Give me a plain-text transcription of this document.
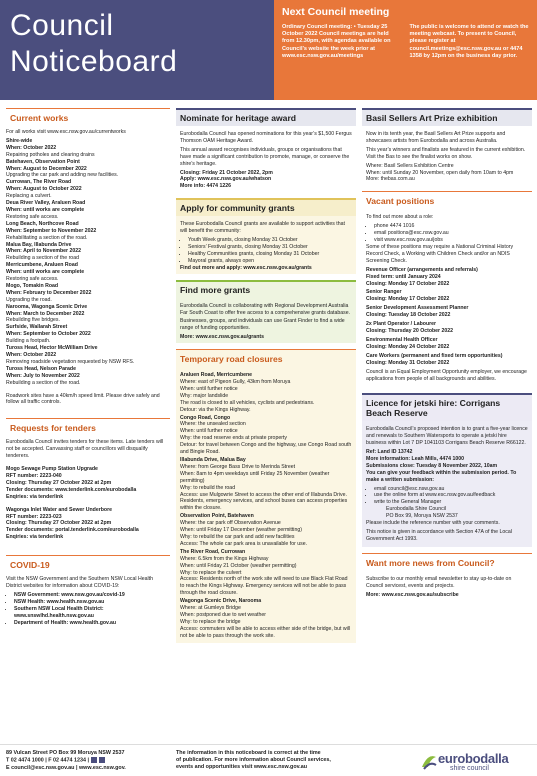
Council
Noticeboard
Next Council meeting
Ordinary Council meeting: • Tuesday 25 October 2022 Council meetings are held from 12.30pm, with agendas available on Council’s website the week prior at www.esc.nsw.gov.au/meetings
The public is welcome to attend or watch the meeting webcast. To present to Council, please register at council.meetings@esc.nsw.gov.au or 4474 1358 by 12pm on the business day prior.
Current works

For all works visit www.esc.nsw.gov.au/currentworks

Shire-wide
When: October 2022
Repairing potholes and clearing drains
Batehaven, Observation Point
When: August to December 2022
Upgrading the car park and adding new facilities.
Currowan, The River Road
When: August to October 2022
Replacing a culvert.
Deua River Valley, Araluen Road
When: until works are complete
Restoring safe access.
Long Beach, Northcove Road
When: September to November 2022
Rehabilitating a section of the road.
Malua Bay, Illabunda Drive
When: April to November 2022
Rebuilding a section of the road
Merricumbene, Araluen Road
When: until works are complete
Restoring safe access.
Mogo, Tomakin Road
When: February to December 2022
Upgrading the road.
Narooma, Wagonga Scenic Drive
When: March to December 2022
Rebuilding five bridges.
Surfside, Wallarah Street
When: September to October 2022
Building a footpath.
Tuross Head, Hector McWilliam Drive
When: October 2022
Removing roadside vegetation requested by NSW RFS.
Tuross Head, Nelson Parade
When: July to November 2022
Rebuilding a section of the road.

Roadwork sites have a 40km/h speed limit. Please drive safely and follow all traffic controls.

Requests for tenders

Eurobodalla Council invites tenders for these items. Late tenders will not be accepted. Canvassing staff or councillors will disqualify tenderers.

Mogo Sewage Pump Station Upgrade
RFT number: 2223-040
Closing: Thursday 27 October 2022 at 2pm
Tender documents: www.tenderlink.com/eurobodalla
Enqiries: via tenderlink
Wagonga Inlet Water and Sewer Underbore
RFT number: 2223-023
Closing: Thursday 27 October 2022 at 2pm
Tender documents: portal.tenderlink.com/eurobodalla
Enqiries: via tenderlink
COVID-19

Visit the NSW Government and the Southern NSW Local Health District websites for information about COVID-19:

• NSW Government: www.nsw.gov.au/covid-19
• NSW Health: www.health.nsw.gov.au
• Southern NSW Local Health District: www.snswlhd.health.nsw.gov.au
• Department of Health: www.health.gov.au
Nominate for heritage award

Eurobodalla Council has opened nominations for this year’s $1,500 Fergus Thomson OAM Heritage Award.

This annual award recognises individuals, groups or organisations that have made a significant contribution to promote, manage, or conserve the shire’s heritage.

Closing: Friday 21 October 2022, 2pm
Apply: www.esc.nsw.gov.au/whatson
More info: 4474 1226
Apply for community grants

These Eurobodalla Council grants are available to support activities that will benefit the community:

• Youth Week grants, closing Monday 31 October
• Seniors’ Festival grants, closing Monday 31 October
• Healthy Communities grants, closing Monday 31 October
• Mayoral grants, always open
Find out more and apply: www.esc.nsw.gov.au/grants
Find more grants

Eurobodalla Council is collaborating with Regional Development Australia Far South Coast to offer free access to a comprehensive grants database.

Businesses, groups, and individuals can use Grant Finder to find a wide range of funding opportunities.

More: www.esc.nsw.gov.au/grants
Temporary road closures
Araluen Road, Merricumbene
Where: east of Pigeon Gully, 43km from Moruya
When: until further notice
Why: major landslide
The road is closed to all vehicles, cyclists and pedestrians.
Detour: via the Kings Highway.
Congo Road, Congo
Where: the unsealed section
When: until further notice
Why: the road reserve ends at private property
Detour: for travel between Congo and the highway, use Congo Road south and Bingie Road.
Illabunda Drive, Malua Bay
Where: from George Bass Drive to Merinda Street
When: 8am to 4pm weekdays until Friday 25 November (weather permitting)
Why: to rebuild the road
Access: use Mulgowrie Street to access the other end of Illabunda Drive. Residents, emergency services, and school buses can access properties within the closure.
Observation Point, Batehaven
Where: the car park off Observation Avenue
When: until Friday 17 December (weather permitting)
Why: to rebuild the car park and add new facilities
Access: The whole car park area is unavailable for use.
The River Road, Currowan
Where: 6.5km from the Kings Highway
When: until Friday 21 October (weather permitting)
Why: to replace the culvert
Access: Residents north of the work site will need to use Black Flat Road to reach the Kings Highway. Emergency services will not be able to pass through the road closure.
Wagonga Scenic Drive, Narooma
Where: at Gumleys Bridge
When: postponed due to wet weather
Why: to replace the bridge
Access: commuters will be able to access either side of the bridge, but will not be able to pass through the work site.
Basil Sellers Art Prize exhibition

Now in its tenth year, the Basil Sellers Art Prize supports and showcases artists from Eurobodalla and across Australia.

This year’s winners and finalists are featured in the current exhibition. Visit the Bas to see the finalist works on show.

Where: Basil Sellers Exhibition Centre
When: until Sunday 20 November, open daily from 10am to 4pm
More: thebas.com.au
Vacant positions

To find out more about a role:

• phone 4474 1016
• email positions@esc.nsw.gov.au
• visit www.esc.nsw.gov.au/jobs

Some of these positions may require a National Criminal History Record Check, a Working with Children Check and/or an NDIS Screening Check.

Revenue Officer (arrangements and referrals)
Fixed term: until January 2024
Closing: Monday 17 October 2022
Senior Ranger
Closing: Monday 17 October 2022
Senior Development Assessment Planner
Closing: Tuesday 18 October 2022
2x Plant Operator / Labourer
Closing: Thursday 20 October 2022
Environmental Health Officer
Closing: Monday 24 October 2022
Care Workers (permanent and fixed term opportunities)
Closing: Monday 31 October 2022

Council is an Equal Employment Opportunity employer, we encourage applications from people of all backgrounds and abilities.

Licence for jetski hire: Corrigans Beach Reserve

Eurobodalla Council’s proposed intention is to grant a five-year licence and renewals to Southern Watersports to operate a jetski hire business within Lot 7 DP 1041103 Corrigans Beach Reserve R66122.

Ref: Land ID 13742
More information: Leah Mills, 4474 1000
Submissions close: Tuesday 8 November 2022, 10am

You can give your feedback within the submission period. To make a written submission:

• email council@esc.nsw.gov.au
• use the online form at www.esc.nsw.gov.au/feedback
• write to the General Manager
Eurobodalla Shire Council
PO Box 99, Moruya NSW 2537

Please include the reference number with your comments.

This notice is given in accordance with Section 47A of the Local Government Act 1993.

Want more news from Council?

Subscribe to our monthly email newsletter to stay up-to-date on Council servicest, events and projects.

More: www.esc.nsw.gov.au/subscribe
89 Vulcan Street PO Box 99 Moruya NSW 2537
T 02 4474 1000 | F 02 4474 1234 |
E council@esc.nsw.gov.au | www.esc.nsw.gov.
The information in this noticeboard is correct at the time
of publication. For more information about Council services,
events and opportunities visit www.esc.nsw.gov.au
eurobodalla
shire council
